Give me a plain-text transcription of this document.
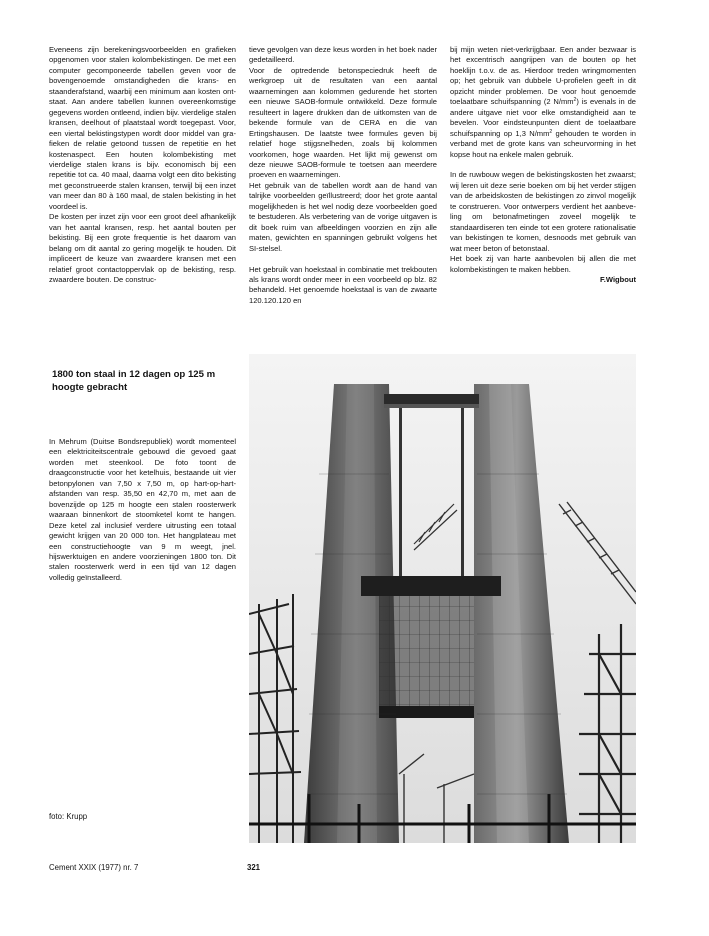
Eveneens zijn berekeningsvoorbeelden en grafieken opgenomen voor stalen kolombekistingen. De met een computer gecomponeerde tabellen geven voor de bovengenoemde omstandigheden die krans- en staanderafstand, waarbij een minimum aan kosten ontstaat. Aan andere tabellen kunnen overeenkomstige gegevens worden ontleend, indien bijv. vierdelige stalen kransen, deelhout of plaatstaal wordt toegepast. Voor, een viertal bekistingstypen wordt door middel van grafieken de relatie getoond tussen de repetitie en het kostenaspect. Een houten kolombekisting met vierdelige stalen krans is bijv. economisch bij een repetitie tot ca. 40 maal, daarna volgt een dito bekisting met geconstrueerde stalen kransen, terwijl bij een inzet van meer dan 80 à 160 maal, de stalen bekisting in het voordeel is.

De kosten per inzet zijn voor een groot deel afhankelijk van het aantal kransen, resp. het aantal bouten per bekisting. Bij een grote frequentie is het daarom van belang om dit aantal zo gering mogelijk te houden. Dit impliceert de keuze van zwaardere kransen met een relatief groot contactoppervlak op de bekisting, resp. zwaardere bouten. De construc-

tieve gevolgen van deze keus worden in het boek nader gedetailleerd.

Voor de optredende betonspeciedruk heeft de werkgroep uit de resultaten van een aantal waarnemingen aan kolommen gedurende het storten een nieuwe SAOB-formule ontwikkeld. Deze formule resulteert in lagere drukken dan de uitkomsten van de bekende formule van de CERA en die van Ertingshausen. De laatste twee formules geven bij relatief hoge stijgsnelheden, zoals bij kolommen voorkomen, hoge waarden. Het lijkt mij gewenst om deze nieuwe SAOB-formule te toetsen aan meerdere proeven en waarnemingen.

Het gebruik van de tabellen wordt aan de hand van talrijke voorbeelden geïllustreerd; door het grote aantal mogelijkheden is het wel nodig deze voorbeelden goed te bestuderen. Als verbetering van de vorige uitgaven is dit boek ruim van afbeeldingen voorzien en zijn alle maten, gewichten en spanningen gebruikt volgens het SI-stelsel.

Het gebruik van hoekstaal in combinatie met trekbouten als krans wordt onder meer in een voorbeeld op blz. 82 behandeld. Het genoemde hoekstaal is van de zwaarte 120.120.120 en

bij mijn weten niet-verkrijgbaar. Een ander bezwaar is het excentrisch aangrijpen van de bouten op het hoeklijn t.o.v. de as. Hierdoor treden wringmomenten op; het gebruik van dubbele U-profielen geeft in dit opzicht minder problemen. De voor hout genoemde toelaatbare schuifspanning (2 $N/mm^2$) is evenals in de andere uitgave niet voor elke omstandigheid aan te bevelen. Voor eindsteunpunten dient de toelaatbare schuifspanning op 1,3 $N/mm^2$ gehouden te worden in verband met de grote kans van scheurvorming in het kopse hout na enkele malen gebruik.

In de ruwbouw wegen de bekistingskosten het zwaarst; wij leren uit deze serie boeken om bij het verder stijgen van de arbeidskosten de bekistingen zo zinvol mogelijk te construeren. Voor ontwerpers verdient het aanbeveling om betonafmetingen zoveel mogelijk te standaardiseren ten einde tot een grotere rationalisatie van bekistingen te komen, desnoods met gebruik van wat meer beton of betonstaal.

Het boek zij van harte aanbevolen bij allen die met kolombekistingen te maken hebben.

F.Wigbout

1800 ton staal in 12 dagen op 125 m hoogte gebracht
In Mehrum (Duitse Bondsrepubliek) wordt momenteel een elektriciteitscentrale gebouwd die gevoed gaat worden met steenkool. De foto toont de draagconstructie voor het ketelhuis, bestaande uit vier betonpylonen van 7,50 x 7,50 m, op hart-op-hart-afstanden van resp. 35,50 en 42,70 m, met aan de bovenzijde op 125 m hoogte een stalen roosterwerk waaraan binnenkort de stoomketel komt te hangen. Deze ketel zal inclusief verdere uitrusting een totaal gewicht krijgen van 20 000 ton. Het hangplateau met een constructiehoogte van 9 m weegt, jnel. hijswerktuigen en andere voorzieningen 1800 ton. Dit stalen roosterwerk werd in een tijd van 12 dagen volledig geïnstalleerd.
foto: Krupp
Cement XXIX (1977) nr. 7	321
